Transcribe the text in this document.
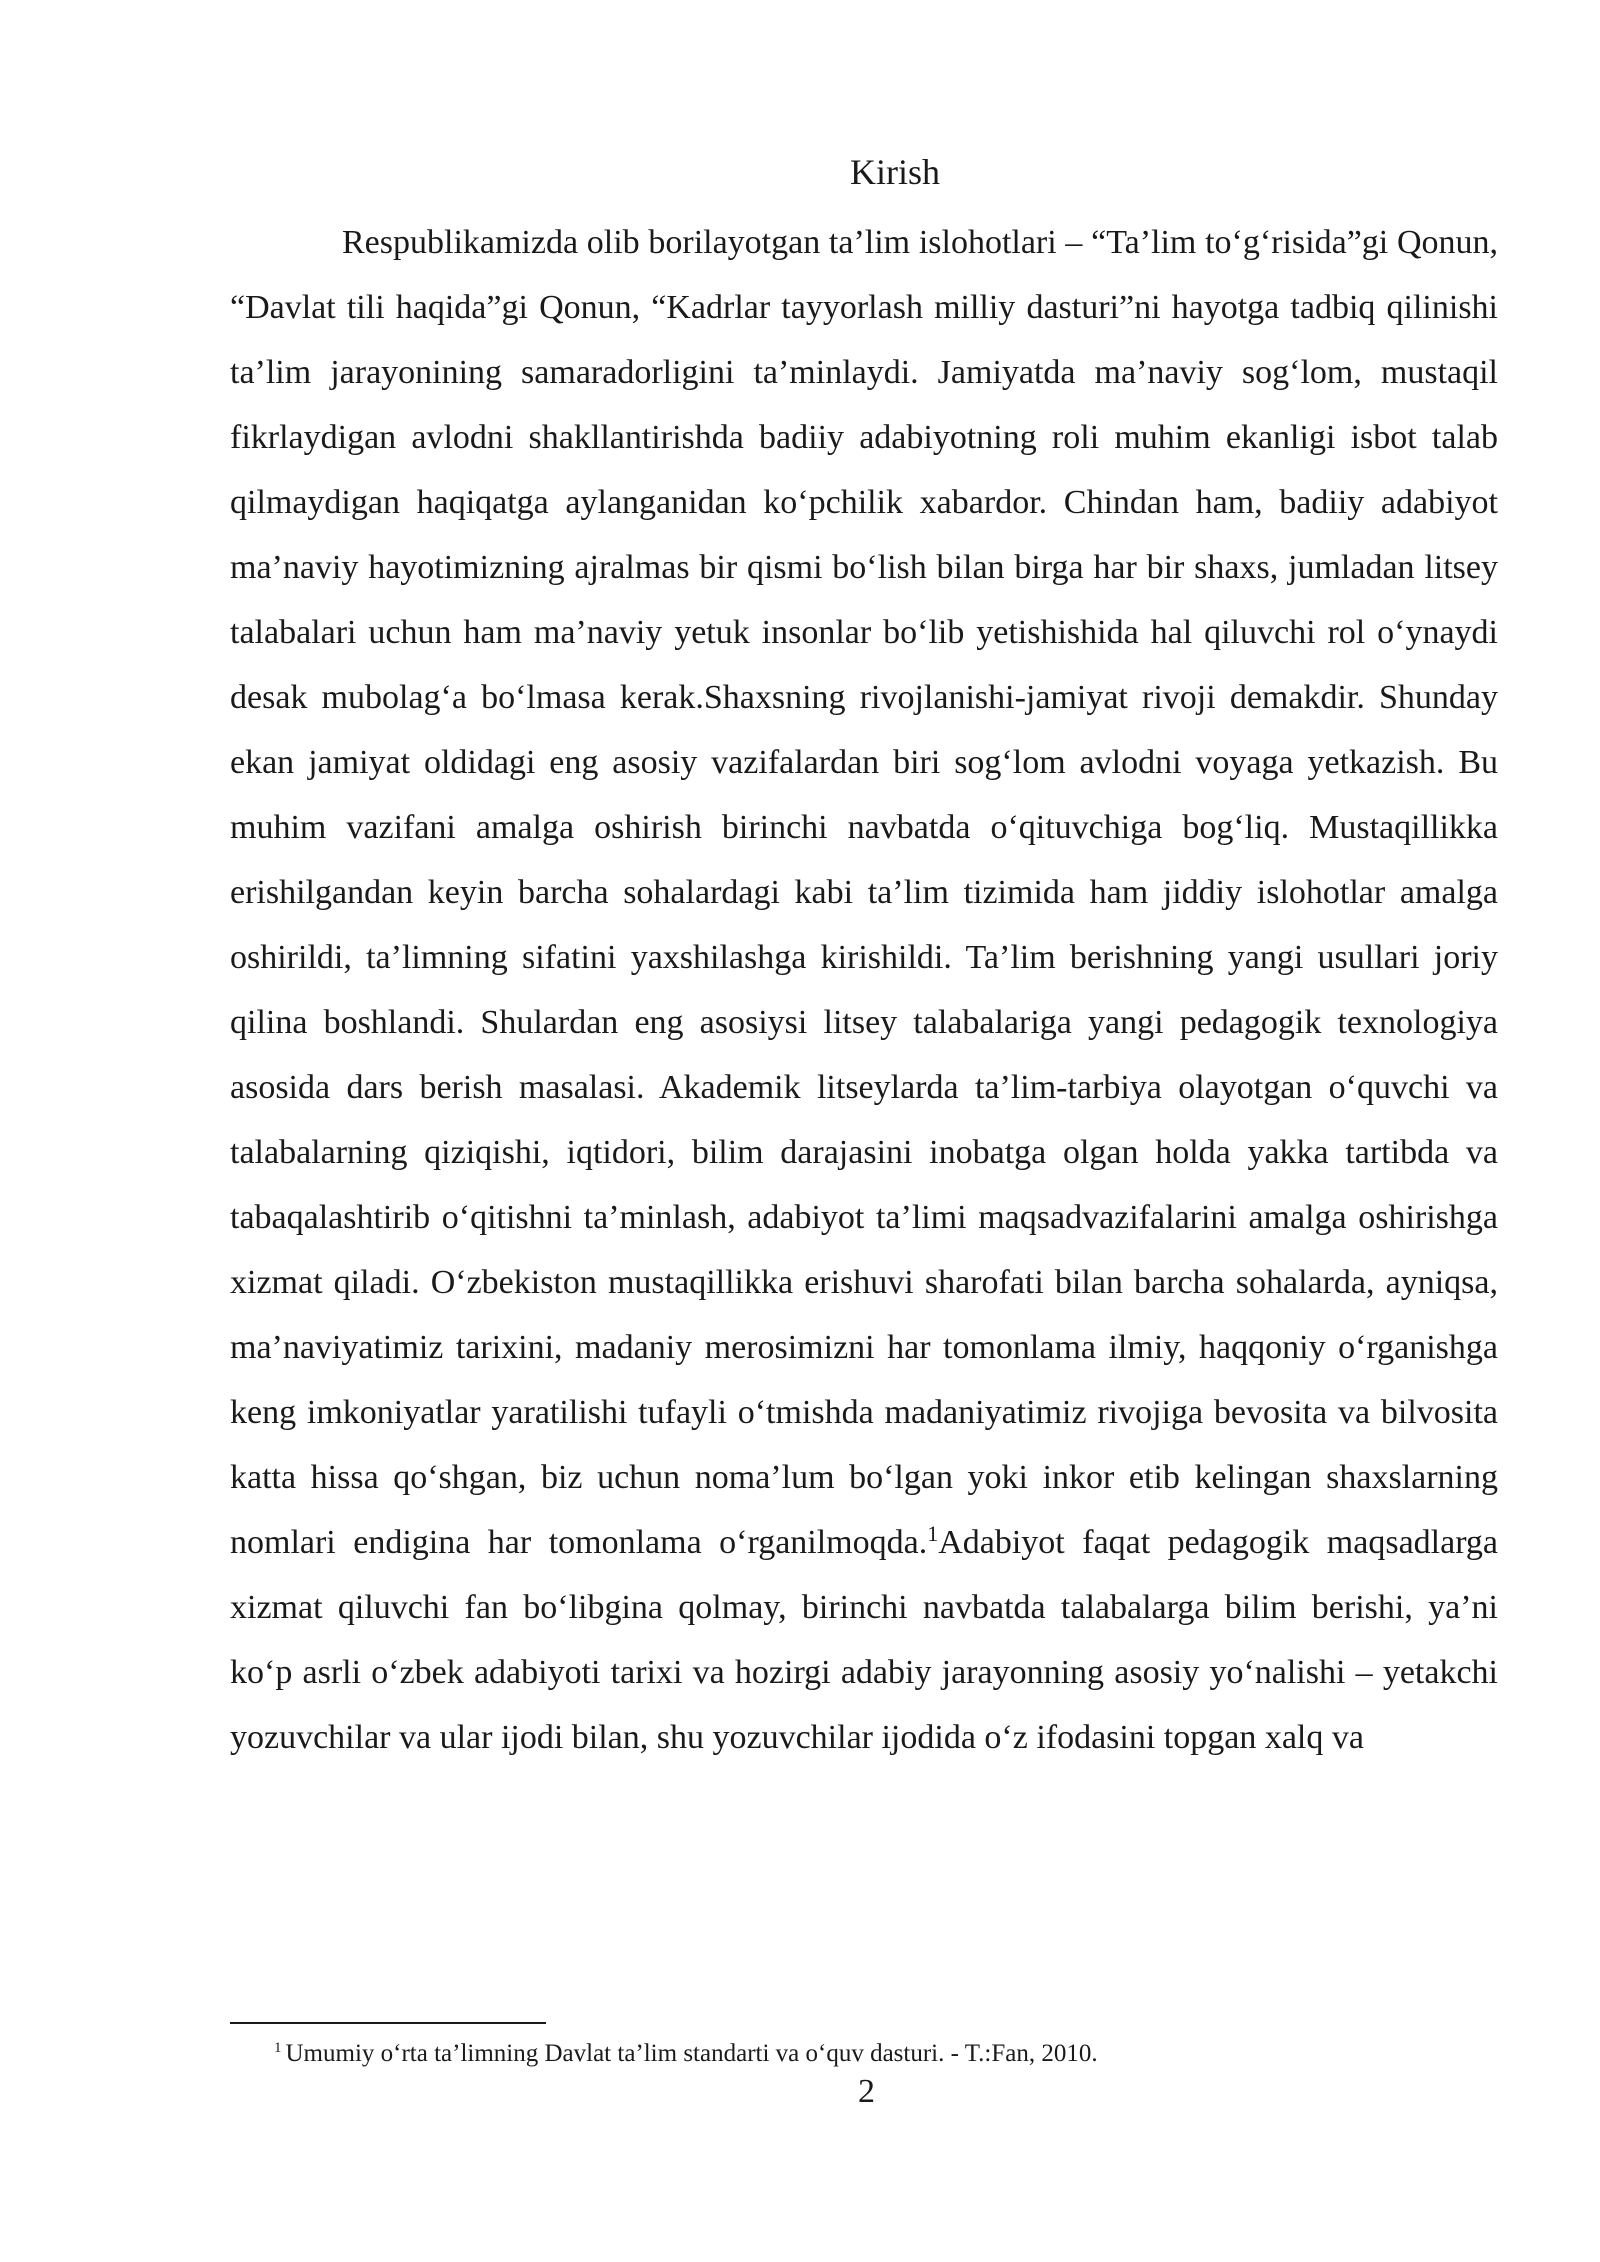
Kirish

Respublikamizda olib borilayotgan ta’lim islohotlari – “Ta’lim to‘g‘risida”gi Qonun, “Davlat tili haqida”gi Qonun, “Kadrlar tayyorlash milliy dasturi”ni hayotga tadbiq qilinishi ta’lim jarayonining samaradorligini ta’minlaydi. Jamiyatda ma’naviy sog‘lom, mustaqil fikrlaydigan avlodni shakllantirishda badiiy adabiyotning roli muhim ekanligi isbot talab qilmaydigan haqiqatga aylanganidan ko‘pchilik xabardor. Chindan ham, badiiy adabiyot ma’naviy hayotimizning ajralmas bir qismi bo‘lish bilan birga har bir shaxs, jumladan litsey talabalari uchun ham ma’naviy yetuk insonlar bo‘lib yetishishida hal qiluvchi rol o‘ynaydi desak mubolag‘a bo‘lmasa kerak.Shaxsning rivojlanishi-jamiyat rivoji demakdir. Shunday ekan jamiyat oldidagi eng asosiy vazifalardan biri sog‘lom avlodni voyaga yetkazish. Bu muhim vazifani amalga oshirish birinchi navbatda o‘qituvchiga bog‘liq. Mustaqillikka erishilgandan keyin barcha sohalardagi kabi ta’lim tizimida ham jiddiy islohotlar amalga oshirildi, ta’limning sifatini yaxshilashga kirishildi. Ta’lim berishning yangi usullari joriy qilina boshlandi. Shulardan eng asosiysi litsey talabalariga yangi pedagogik texnologiya asosida dars berish masalasi. Akademik litseylarda ta’lim-tarbiya olayotgan o‘quvchi va talabalarning qiziqishi, iqtidori, bilim darajasini inobatga olgan holda yakka tartibda va tabaqalashtirib o‘qitishni ta’minlash, adabiyot ta’limi maqsadvazifalarini amalga oshirishga xizmat qiladi. O‘zbekiston mustaqillikka erishuvi sharofati bilan barcha sohalarda, ayniqsa, ma’naviyatimiz tarixini, madaniy merosimizni har tomonlama ilmiy, haqqoniy o‘rganishga keng imkoniyatlar yaratilishi tufayli o‘tmishda madaniyatimiz rivojiga bevosita va bilvosita katta hissa qo‘shgan, biz uchun noma’lum bo‘lgan yoki inkor etib kelingan shaxslarning nomlari endigina har tomonlama o‘rganilmoqda.$^1$Adabiyot faqat pedagogik maqsadlarga xizmat qiluvchi fan bo‘libgina qolmay, birinchi navbatda talabalarga bilim berishi, ya’ni ko‘p asrli o‘zbek adabiyoti tarixi va hozirgi adabiy jarayonning asosiy yo‘nalishi – yetakchi yozuvchilar va ular ijodi bilan, shu yozuvchilar ijodida o‘z ifodasini topgan xalq va

$^1$ Umumiy o‘rta ta’limning Davlat ta’lim standarti va o‘quv dasturi. - T.:Fan, 2010.
2
